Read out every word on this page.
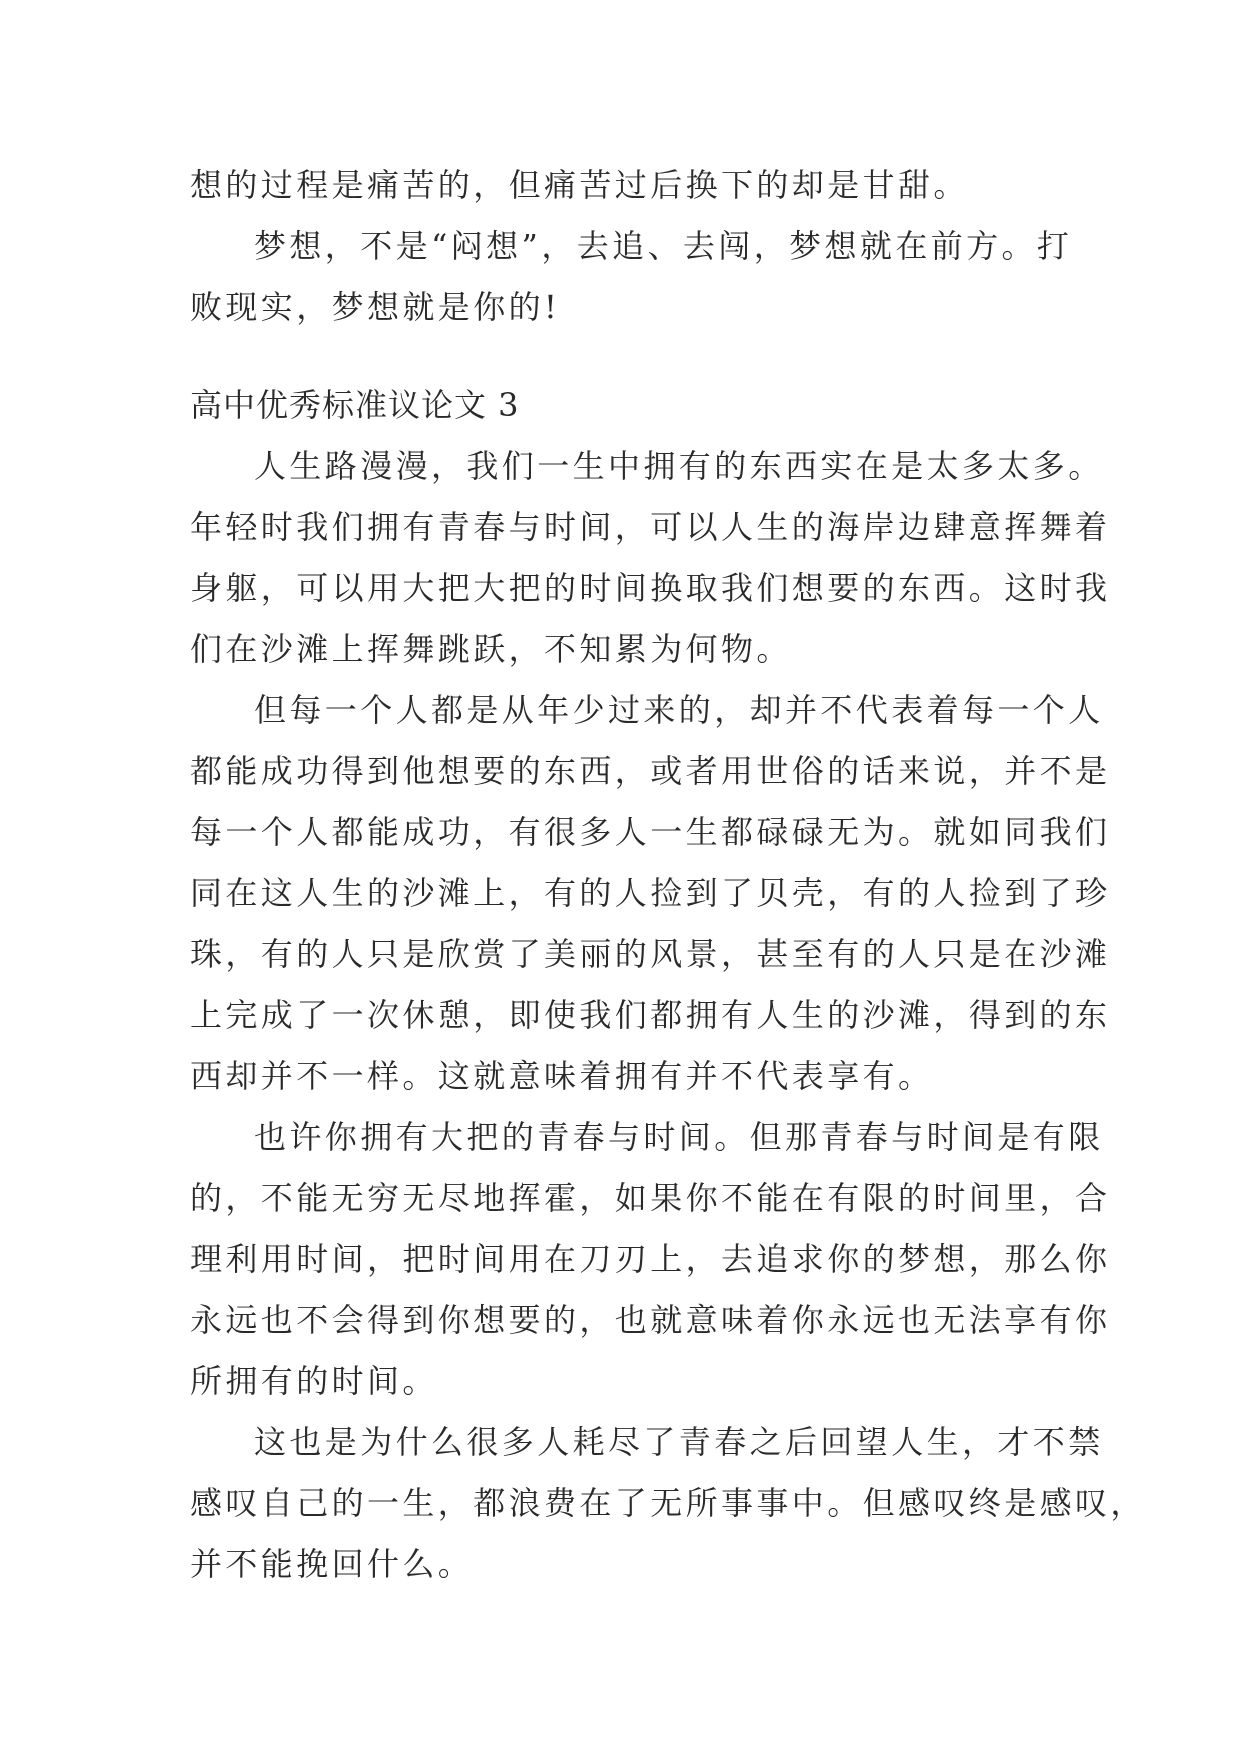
想的过程是痛苦的，但痛苦过后换下的却是甘甜。
梦想，不是“闷想”，去追、去闯，梦想就在前方。打
败现实，梦想就是你的!
高中优秀标准议论文 3
人生路漫漫，我们一生中拥有的东西实在是太多太多。
年轻时我们拥有青春与时间，可以人生的海岸边肆意挥舞着
身躯，可以用大把大把的时间换取我们想要的东西。这时我
们在沙滩上挥舞跳跃，不知累为何物。
但每一个人都是从年少过来的，却并不代表着每一个人
都能成功得到他想要的东西，或者用世俗的话来说，并不是
每一个人都能成功，有很多人一生都碌碌无为。就如同我们
同在这人生的沙滩上，有的人捡到了贝壳，有的人捡到了珍
珠，有的人只是欣赏了美丽的风景，甚至有的人只是在沙滩
上完成了一次休憩，即使我们都拥有人生的沙滩，得到的东
西却并不一样。这就意味着拥有并不代表享有。
也许你拥有大把的青春与时间。但那青春与时间是有限
的，不能无穷无尽地挥霍，如果你不能在有限的时间里，合
理利用时间，把时间用在刀刃上，去追求你的梦想，那么你
永远也不会得到你想要的，也就意味着你永远也无法享有你
所拥有的时间。
这也是为什么很多人耗尽了青春之后回望人生，才不禁
感叹自己的一生，都浪费在了无所事事中。但感叹终是感叹，
并不能挽回什么。
